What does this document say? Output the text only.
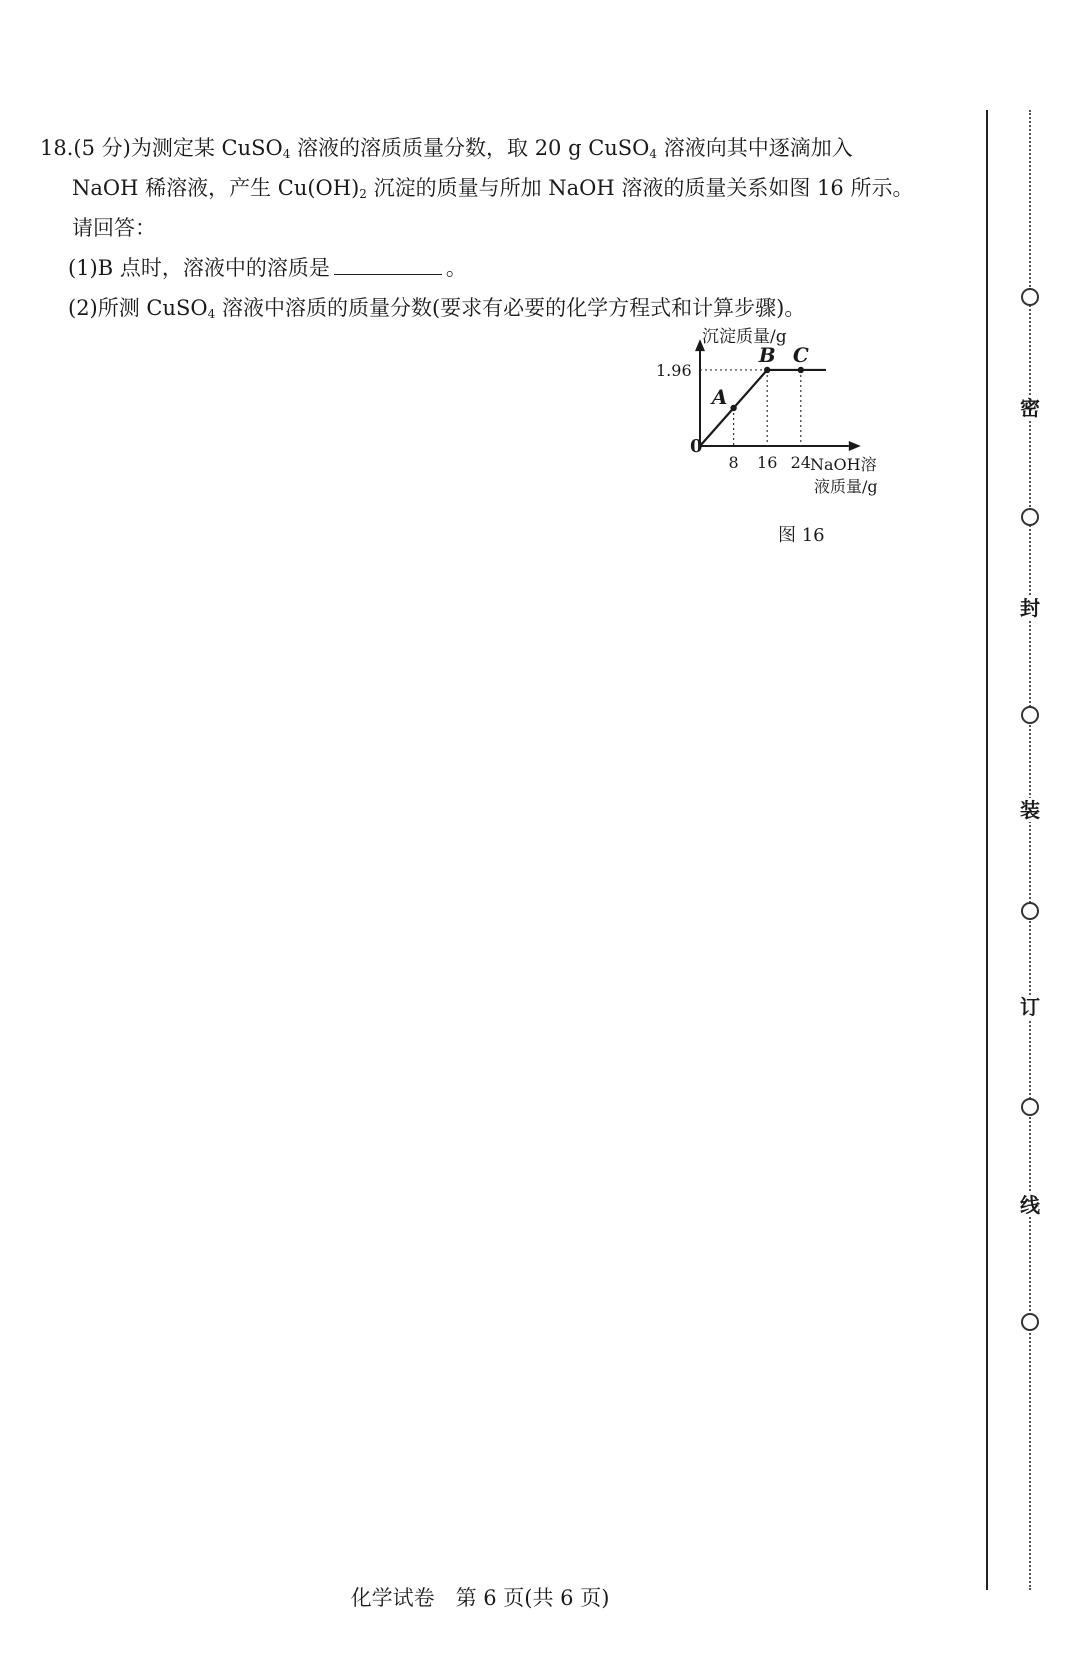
18.(5 分)为测定某 CuSO$_4$ 溶液的溶质质量分数，取 20 g CuSO$_4$ 溶液向其中逐滴加入

NaOH 稀溶液，产生 $Cu(OH)_2$ 沉淀的质量与所加 NaOH 溶液的质量关系如图 16 所示。

请回答：

(1)B 点时，溶液中的溶质是	。

(2)所测 CuSO$_4$ 溶液中溶质的质量分数(要求有必要的化学方程式和计算步骤)。

沉淀质量/g
NaOH溶
液质量/g
0
1.96
8 16 24
A
B C
图 16
密
封
装
订
线
化学试卷　 第 6 页(共 6 页)
